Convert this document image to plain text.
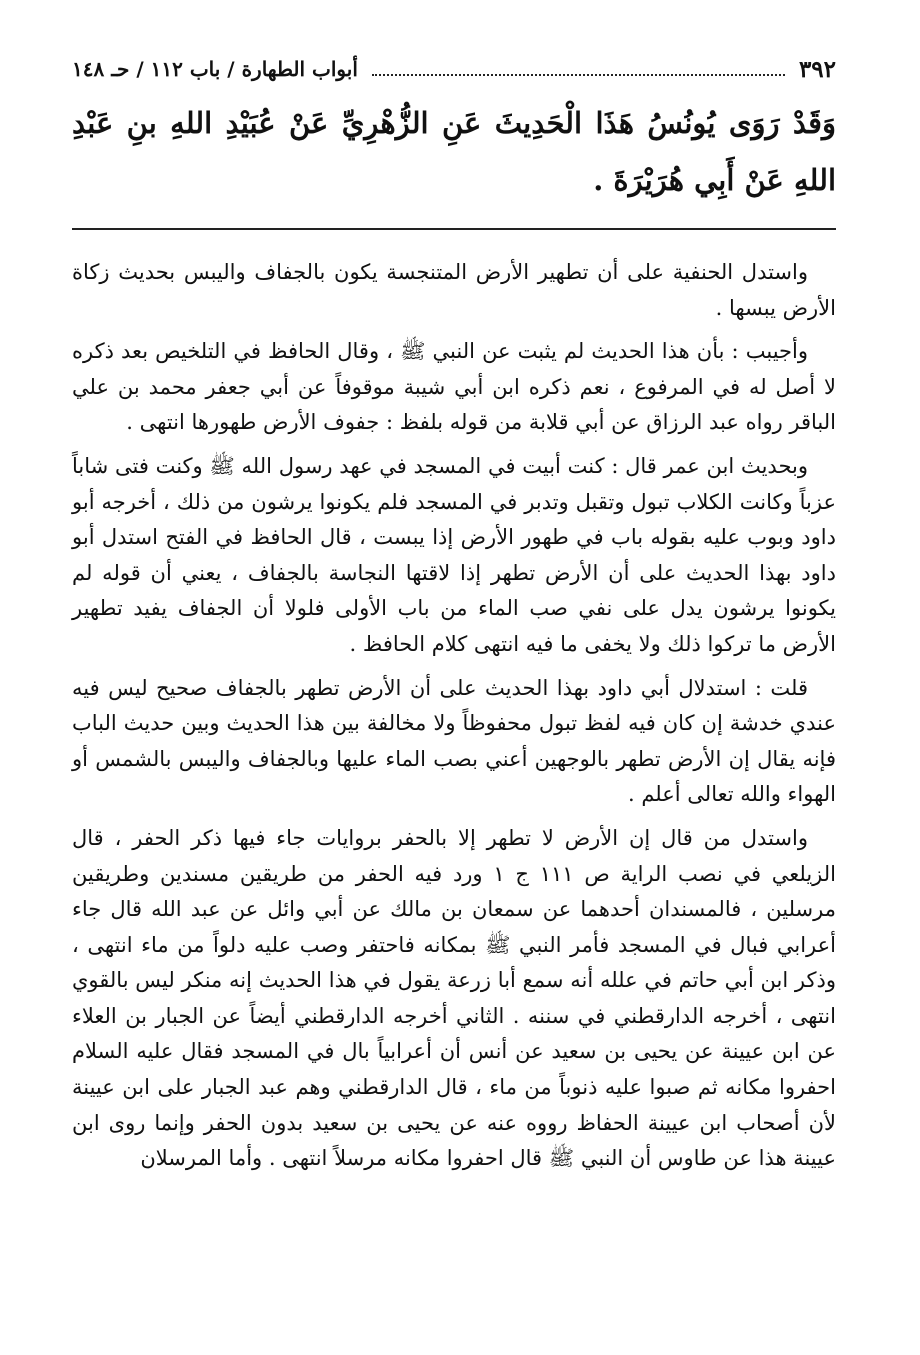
٣٩٢
أبواب الطهارة / باب ١١٢ / حـ ١٤٨
وَقَدْ رَوَى يُونُسُ هَذَا الْحَدِيثَ عَنِ الزُّهْرِيِّ عَنْ عُبَيْدِ اللهِ بنِ عَبْدِ اللهِ عَنْ أَبِي هُرَيْرَةَ .

واستدل الحنفية على أن تطهير الأرض المتنجسة يكون بالجفاف واليبس بحديث زكاة الأرض يبسها .

وأجيبب : بأن هذا الحديث لم يثبت عن النبي ﷺ ، وقال الحافظ في التلخيص بعد ذكره لا أصل له في المرفوع ، نعم ذكره ابن أبي شيبة موقوفاً عن أبي جعفر محمد بن علي الباقر رواه عبد الرزاق عن أبي قلابة من قوله بلفظ : جفوف الأرض طهورها انتهى .

وبحديث ابن عمر قال : كنت أبيت في المسجد في عهد رسول الله ﷺ وكنت فتى شاباً عزباً وكانت الكلاب تبول وتقبل وتدبر في المسجد فلم يكونوا يرشون من ذلك ، أخرجه أبو داود وبوب عليه بقوله باب في طهور الأرض إذا يبست ، قال الحافظ في الفتح استدل أبو داود بهذا الحديث على أن الأرض تطهر إذا لاقتها النجاسة بالجفاف ، يعني أن قوله لم يكونوا يرشون يدل على نفي صب الماء من باب الأولى فلولا أن الجفاف يفيد تطهير الأرض ما تركوا ذلك ولا يخفى ما فيه انتهى كلام الحافظ .

قلت : استدلال أبي داود بهذا الحديث على أن الأرض تطهر بالجفاف صحيح ليس فيه عندي خدشة إن كان فيه لفظ تبول محفوظاً ولا مخالفة بين هذا الحديث وبين حديث الباب فإنه يقال إن الأرض تطهر بالوجهين أعني بصب الماء عليها وبالجفاف واليبس بالشمس أو الهواء والله تعالى أعلم .

واستدل من قال إن الأرض لا تطهر إلا بالحفر بروايات جاء فيها ذكر الحفر ، قال الزيلعي في نصب الراية ص ١١١ ج ١ ورد فيه الحفر من طريقين مسندين وطريقين مرسلين ، فالمسندان أحدهما عن سمعان بن مالك عن أبي وائل عن عبد الله قال جاء أعرابي فبال في المسجد فأمر النبي ﷺ بمكانه فاحتفر وصب عليه دلواً من ماء انتهى ، وذكر ابن أبي حاتم في علله أنه سمع أبا زرعة يقول في هذا الحديث إنه منكر ليس بالقوي انتهى ، أخرجه الدارقطني في سننه . الثاني أخرجه الدارقطني أيضاً عن الجبار بن العلاء عن ابن عيينة عن يحيى بن سعيد عن أنس أن أعرابياً بال في المسجد فقال عليه السلام احفروا مكانه ثم صبوا عليه ذنوباً من ماء ، قال الدارقطني وهم عبد الجبار على ابن عيينة لأن أصحاب ابن عيينة الحفاظ رووه عنه عن يحيى بن سعيد بدون الحفر وإنما روى ابن عيينة هذا عن طاوس أن النبي ﷺ قال احفروا مكانه مرسلاً انتهى . وأما المرسلان
